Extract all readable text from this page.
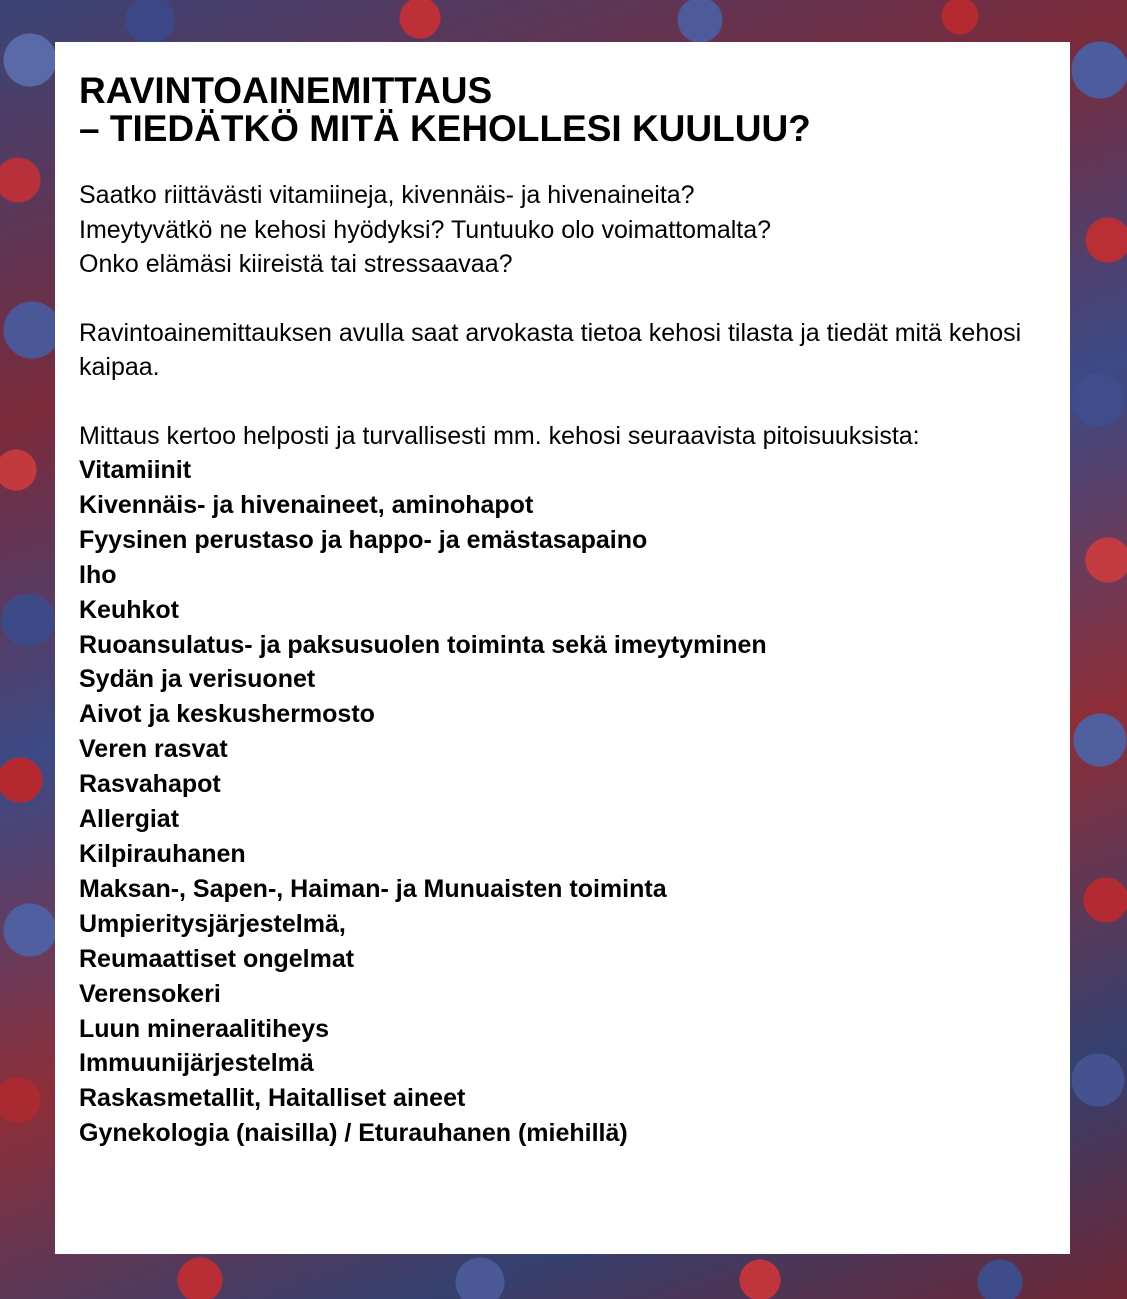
RAVINTOAINEMITTAUS
– TIEDÄTKÖ MITÄ KEHOLLESI KUULUU?

Saatko riittävästi vitamiineja, kivennäis- ja hivenaineita?
Imeytyvätkö ne kehosi hyödyksi? Tuntuuko olo voimattomalta?
Onko elämäsi kiireistä tai stressaavaa?

Ravintoainemittauksen avulla saat arvokasta tietoa kehosi tilasta ja tiedät mitä kehosi kaipaa.

Mittaus kertoo helposti ja turvallisesti mm. kehosi seuraavista pitoisuuksista:

Vitamiinit
Kivennäis- ja hivenaineet, aminohapot
Fyysinen perustaso ja happo- ja emästasapaino
Iho
Keuhkot
Ruoansulatus- ja paksusuolen toiminta sekä imeytyminen
Sydän ja verisuonet
Aivot ja keskushermosto
Veren rasvat
Rasvahapot
Allergiat
Kilpirauhanen
Maksan-, Sapen-, Haiman- ja Munuaisten toiminta
Umpieritysjärjestelmä,
Reumaattiset ongelmat
Verensokeri
Luun mineraalitiheys
Immuunijärjestelmä
Raskasmetallit, Haitalliset aineet
Gynekologia (naisilla) / Eturauhanen (miehillä)
